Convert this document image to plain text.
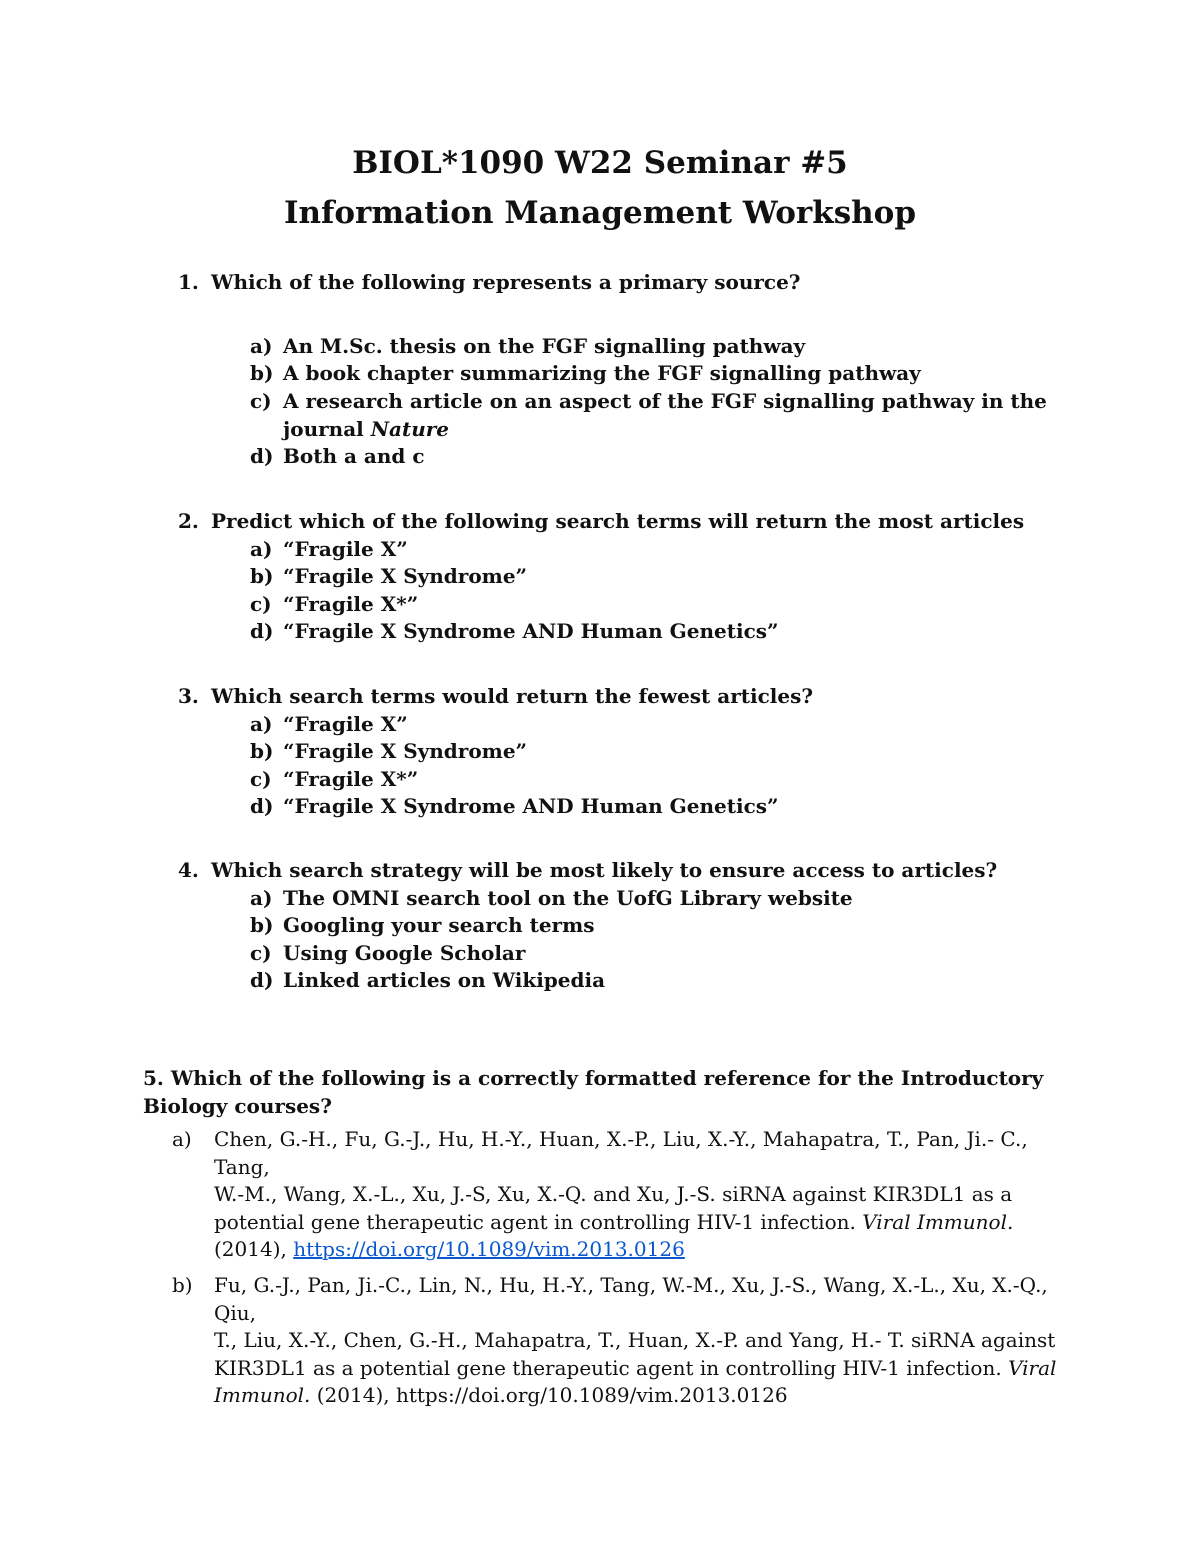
BIOL*1090 W22 Seminar #5
Information Management Workshop
1. Which of the following represents a primary source?
a) An M.Sc. thesis on the FGF signalling pathway
b) A book chapter summarizing the FGF signalling pathway
c) A research article on an aspect of the FGF signalling pathway in the
journal Nature
d) Both a and c
2. Predict which of the following search terms will return the most articles
a) “Fragile X”
b) “Fragile X Syndrome”
c) “Fragile X*”
d) “Fragile X Syndrome AND Human Genetics”
3. Which search terms would return the fewest articles?
a) “Fragile X”
b) “Fragile X Syndrome”
c) “Fragile X*”
d) “Fragile X Syndrome AND Human Genetics”
4. Which search strategy will be most likely to ensure access to articles?
a) The OMNI search tool on the UofG Library website
b) Googling your search terms
c) Using Google Scholar
d) Linked articles on Wikipedia
5. Which of the following is a correctly formatted reference for the Introductory
Biology courses?
a) Chen, G.-H., Fu, G.-J., Hu, H.-Y., Huan, X.-P., Liu, X.-Y., Mahapatra, T., Pan, Ji.- C., Tang,
W.-M., Wang, X.-L., Xu, J.-S, Xu, X.-Q. and Xu, J.-S. siRNA against KIR3DL1 as a
potential gene therapeutic agent in controlling HIV-1 infection. Viral Immunol.
(2014), https://doi.org/10.1089/vim.2013.0126
b) Fu, G.-J., Pan, Ji.-C., Lin, N., Hu, H.-Y., Tang, W.-M., Xu, J.-S., Wang, X.-L., Xu, X.-Q., Qiu,
T., Liu, X.-Y., Chen, G.-H., Mahapatra, T., Huan, X.-P. and Yang, H.- T. siRNA against
KIR3DL1 as a potential gene therapeutic agent in controlling HIV-1 infection. Viral
Immunol. (2014), https://doi.org/10.1089/vim.2013.0126
